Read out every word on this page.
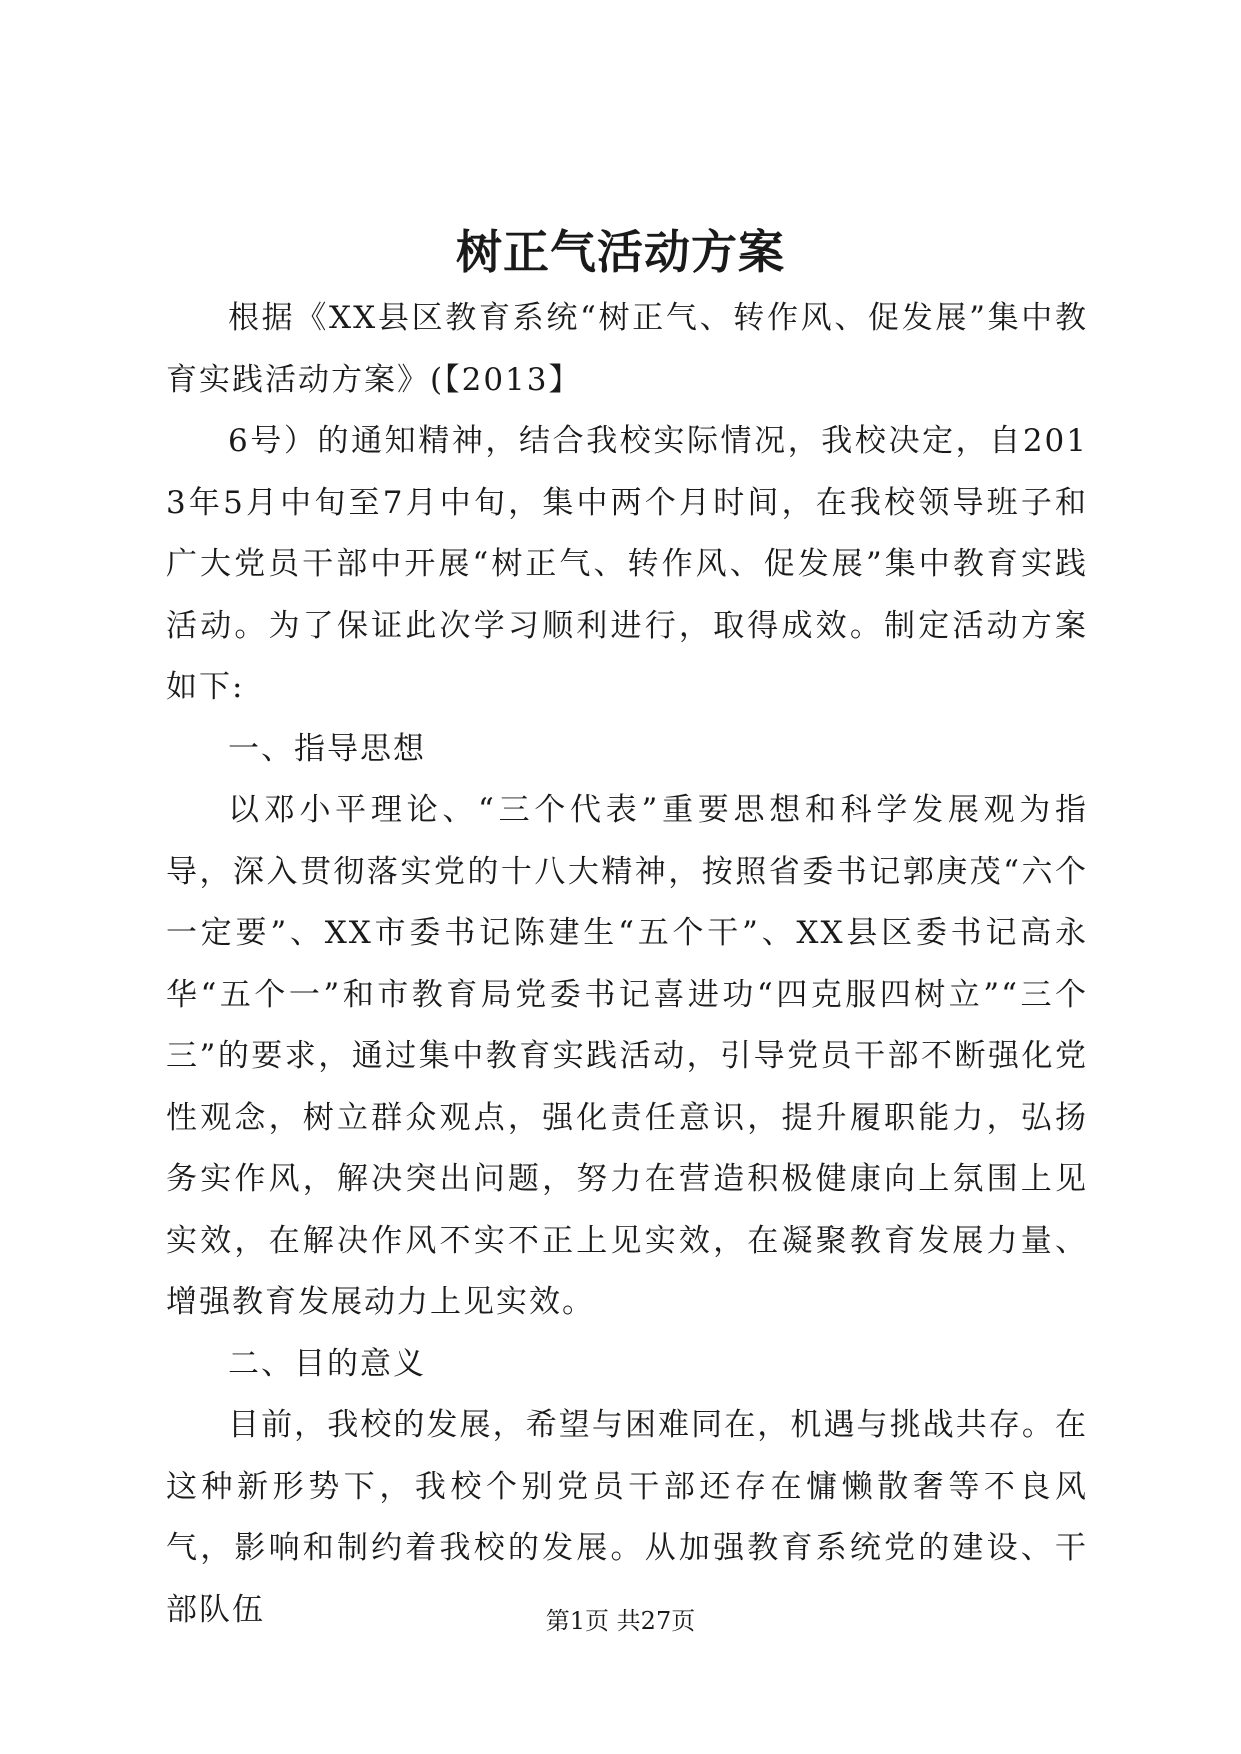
树正气活动方案

根据《XX县区教育系统“树正气、转作风、促发展”集中教育实践活动方案》(【2013】

6号）的通知精神，结合我校实际情况，我校决定，自2013年5月中旬至7月中旬，集中两个月时间，在我校领导班子和广大党员干部中开展“树正气、转作风、促发展”集中教育实践活动。为了保证此次学习顺利进行，取得成效。制定活动方案如下:

一、指导思想

以邓小平理论、“三个代表”重要思想和科学发展观为指导，深入贯彻落实党的十八大精神，按照省委书记郭庚茂“六个一定要”、XX市委书记陈建生“五个干”、XX县区委书记高永华“五个一”和市教育局党委书记喜进功“四克服四树立”“三个三”的要求，通过集中教育实践活动，引导党员干部不断强化党性观念，树立群众观点，强化责任意识，提升履职能力，弘扬务实作风，解决突出问题，努力在营造积极健康向上氛围上见实效，在解决作风不实不正上见实效，在凝聚教育发展力量、增强教育发展动力上见实效。

二、目的意义

目前，我校的发展，希望与困难同在，机遇与挑战共存。在这种新形势下，我校个别党员干部还存在慵懒散奢等不良风气，影响和制约着我校的发展。从加强教育系统党的建设、干部队伍	第1页 共27页
